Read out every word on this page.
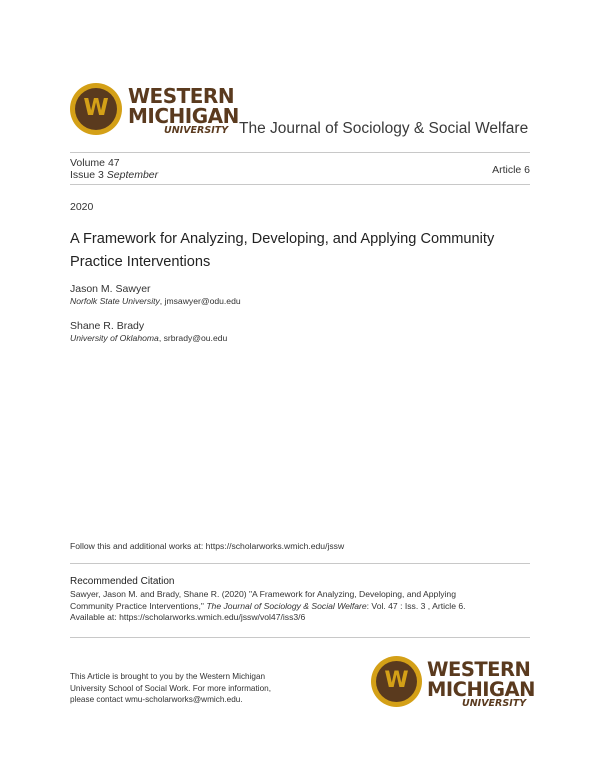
W WESTERN
MICHIGAN
UNIVERSITY The Journal of Sociology & Social Welfare
Volume 47
Issue 3 September	Article 6
2020
A Framework for Analyzing, Developing, and Applying Community Practice Interventions
Jason M. Sawyer
Norfolk State University, jmsawyer@odu.edu
Shane R. Brady
University of Oklahoma, srbrady@ou.edu
Follow this and additional works at: https://scholarworks.wmich.edu/jssw
Recommended Citation
Sawyer, Jason M. and Brady, Shane R. (2020) "A Framework for Analyzing, Developing, and Applying
Community Practice Interventions," The Journal of Sociology & Social Welfare: Vol. 47 : Iss. 3 , Article 6.
Available at: https://scholarworks.wmich.edu/jssw/vol47/iss3/6
This Article is brought to you by the Western Michigan
University School of Social Work. For more information,
please contact wmu-scholarworks@wmich.edu.
W WESTERN
MICHIGAN
UNIVERSITY
